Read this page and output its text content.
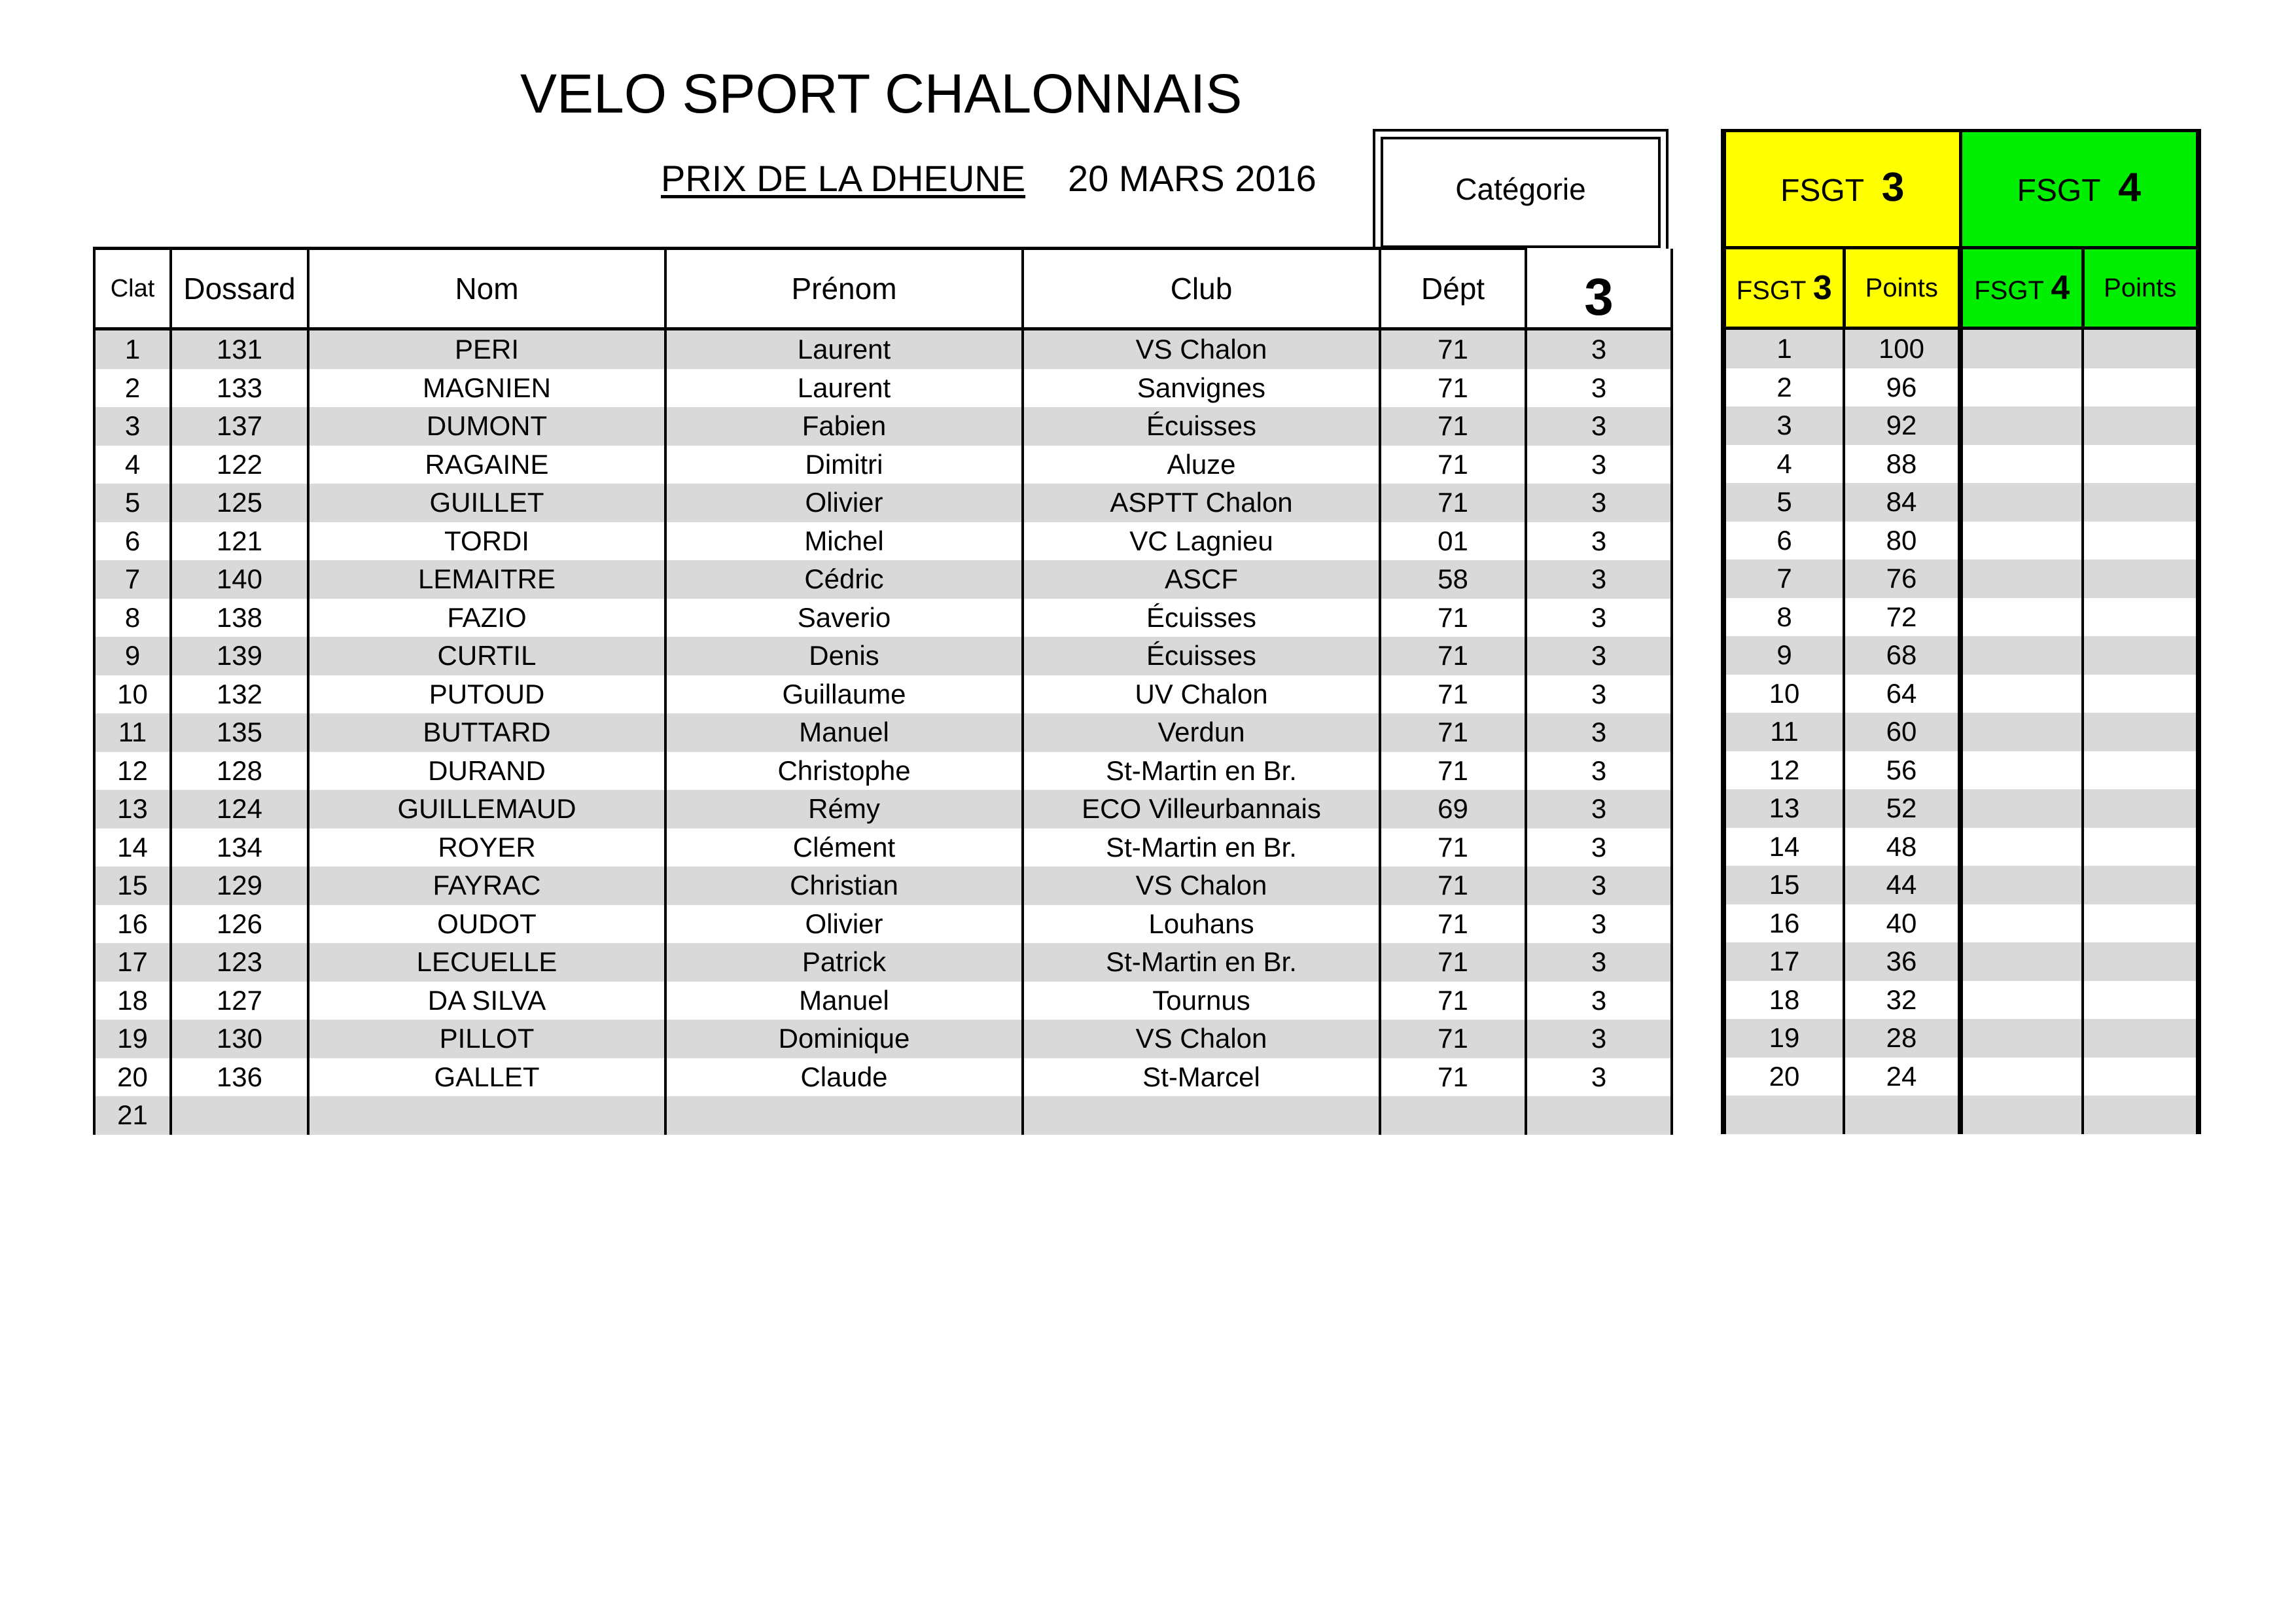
VELO SPORT CHALONNAIS
PRIX DE LA DHEUNE 20 MARS 2016	Catégorie
Clat	Dossard	Nom	Prénom	Club	Dépt	3
1	131	PERI	Laurent	VS Chalon	71	3
2	133	MAGNIEN	Laurent	Sanvignes	71	3
3	137	DUMONT	Fabien	Écuisses	71	3
4	122	RAGAINE	Dimitri	Aluze	71	3
5	125	GUILLET	Olivier	ASPTT Chalon	71	3
6	121	TORDI	Michel	VC Lagnieu	01	3
7	140	LEMAITRE	Cédric	ASCF	58	3
8	138	FAZIO	Saverio	Écuisses	71	3
9	139	CURTIL	Denis	Écuisses	71	3
10	132	PUTOUD	Guillaume	UV Chalon	71	3
11	135	BUTTARD	Manuel	Verdun	71	3
12	128	DURAND	Christophe	St-Martin en Br.	71	3
13	124	GUILLEMAUD	Rémy	ECO Villeurbannais	69	3
14	134	ROYER	Clément	St-Martin en Br.	71	3
15	129	FAYRAC	Christian	VS Chalon	71	3
16	126	OUDOT	Olivier	Louhans	71	3
17	123	LECUELLE	Patrick	St-Martin en Br.	71	3
18	127	DA SILVA	Manuel	Tournus	71	3
19	130	PILLOT	Dominique	VS Chalon	71	3
20	136	GALLET	Claude	St-Marcel	71	3
21						
FSGT 3		FSGT 4	
FSGT 3	Points	FSGT 4	Points
1	100		
2	96		
3	92		
4	88		
5	84		
6	80		
7	76		
8	72		
9	68		
10	64		
11	60		
12	56		
13	52		
14	48		
15	44		
16	40		
17	36		
18	32		
19	28		
20	24		
